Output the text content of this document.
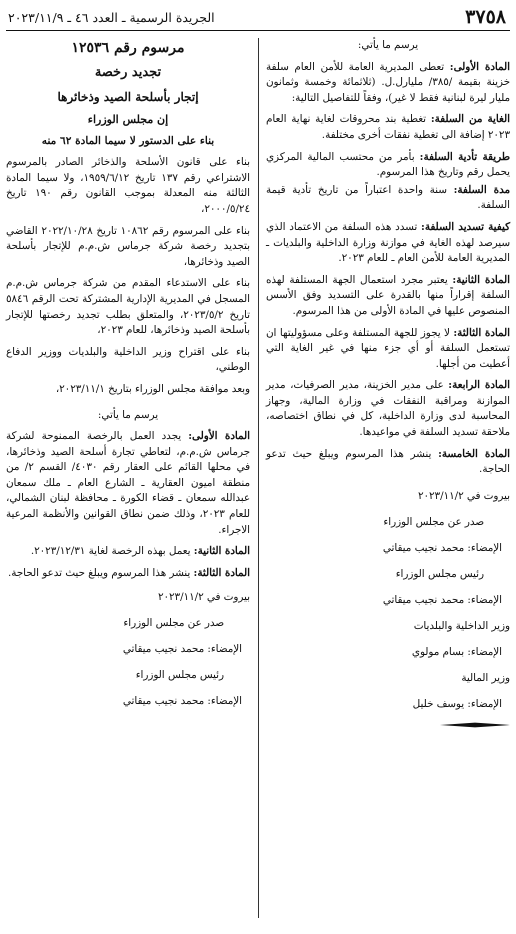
٣٧٥٨
الجريدة الرسمية ـ العدد ٤٦ ـ ٢٠٢٣/١١/٩

يرسم ما يأتي:

المادة الأولى: تعطى المديرية العامة للأمن العام سلفة خزينة بقيمة /٣٨٥/ مليارل.ل. (ثلاثمائة وخمسة وثمانون مليار ليرة لبنانية فقط لا غير)، وفقاً للتفاصيل التالية:

الغاية من السلفة: تغطية بند محروقات لغاية نهاية العام ٢٠٢٣ إضافة الى تغطية نفقات أخرى مختلفة.

طريقة تأدية السلفة: بأمر من محتسب المالية المركزي يحمل رقم وتاريخ هذا المرسوم.

مدة السلفة: سنة واحدة اعتباراً من تاريخ تأدية قيمة السلفة.

كيفية تسديد السلفة: تسدد هذه السلفة من الاعتماد الذي سيرصد لهذه الغاية في موازنة وزارة الداخلية والبلديات ـ المديرية العامة للأمن العام ـ للعام ٢٠٢٣.

المادة الثانية: يعتبر مجرد استعمال الجهة المستلفة لهذه السلفة إقراراً منها بالقدرة على التسديد وفق الأسس المنصوص عليها في المادة الأولى من هذا المرسوم.

المادة الثالثة: لا يجوز للجهة المستلفة وعلى مسؤوليتها ان تستعمل السلفة أو أي جزء منها في غير الغاية التي أعطيت من أجلها.

المادة الرابعة: على مدير الخزينة، مدير الصرفيات، مدير الموازنة ومراقبة النفقات في وزارة المالية، وجهاز المحاسبة لدى وزارة الداخلية، كل في نطاق اختصاصه، ملاحقة تسديد السلفة في مواعيدها.

المادة الخامسة: ينشر هذا المرسوم ويبلغ حيث تدعو الحاجة.

بيروت في ٢٠٢٣/١١/٢

صدر عن مجلس الوزراء

الإمضاء: محمد نجيب ميقاتي

رئيس مجلس الوزراء

الإمضاء: محمد نجيب ميقاتي

وزير الداخلية والبلديات

الإمضاء: بسام مولوي

وزير المالية

الإمضاء: يوسف خليل

مرسوم رقم ١٢٥٣٦

تجديد رخصة

إتجار بأسلحة الصيد وذخائرها

إن مجلس الوزراء

بناء على الدستور لا سيما المادة ٦٢ منه

بناء على قانون الأسلحة والذخائر الصادر بالمرسوم الاشتراعي رقم ١٣٧ تاريخ ١٩٥٩/٦/١٢، ولا سيما المادة الثالثة منه المعدلة بموجب القانون رقم ١٩٠ تاريخ ٢٠٠٠/٥/٢٤،

بناء على المرسوم رقم ١٠٨٦٢ تاريخ ٢٠٢٢/١٠/٢٨ القاضي بتجديد رخصة شركة جرماس ش.م.م للإتجار بأسلحة الصيد وذخائرها،

بناء على الاستدعاء المقدم من شركة جرماس ش.م.م المسجل في المديرية الإدارية المشتركة تحت الرقم ٥٨٤٦ تاريخ ٢٠٢٣/٥/٢، والمتعلق بطلب تجديد رخصتها للإتجار بأسلحة الصيد وذخائرها، للعام ٢٠٢٣،

بناء على اقتراح وزير الداخلية والبلديات ووزير الدفاع الوطني،

وبعد موافقة مجلس الوزراء بتاريخ ٢٠٢٣/١١/١،

يرسم ما يأتي:

المادة الأولى: يجدد العمل بالرخصة الممنوحة لشركة جرماس ش.م.م، لتعاطي تجارة أسلحة الصيد وذخائرها، في محلها القائم على العقار رقم ٤٠٣٠/ القسم ٢/ من منطقة اميون العقارية ـ الشارع العام ـ ملك سمعان عبدالله سمعان ـ قضاء الكورة ـ محافظة لبنان الشمالي، للعام ٢٠٢٣، وذلك ضمن نطاق القوانين والأنظمة المرعية الاجراء.

المادة الثانية: يعمل بهذه الرخصة لغاية ٢٠٢٣/١٢/٣١.

المادة الثالثة: ينشر هذا المرسوم ويبلغ حيث تدعو الحاجة.

بيروت في ٢٠٢٣/١١/٢

صدر عن مجلس الوزراء

الإمضاء: محمد نجيب ميقاتي

رئيس مجلس الوزراء

الإمضاء: محمد نجيب ميقاتي
